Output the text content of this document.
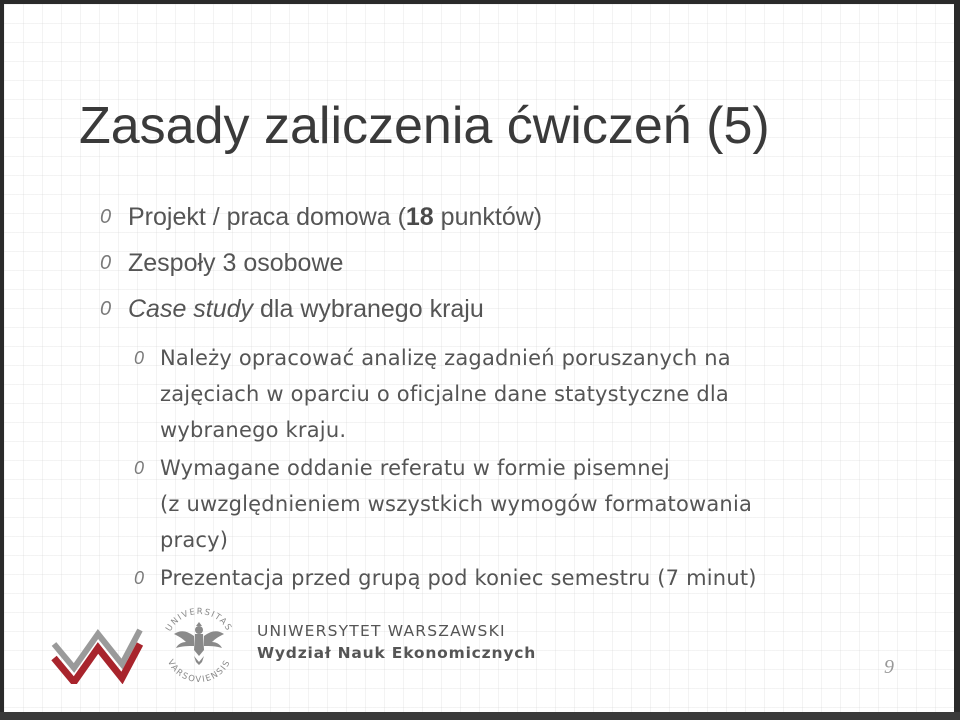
Zasady zaliczenia ćwiczeń (5)
0 Projekt / praca domowa (18 punktów)
0 Zespoły 3 osobowe
0 Case study dla wybranego kraju
0 Należy opracować analizę zagadnień poruszanych na
zajęciach w oparciu o oficjalne dane statystyczne dla
wybranego kraju.
0 Wymagane oddanie referatu w formie pisemnej
(z uwzględnieniem wszystkich wymogów formatowania
pracy)
0 Prezentacja przed grupą pod koniec semestru (7 minut)
UNIVERSITAS
VARSOVIENSIS
UNIWERSYTET WARSZAWSKI
Wydział Nauk Ekonomicznych
9
